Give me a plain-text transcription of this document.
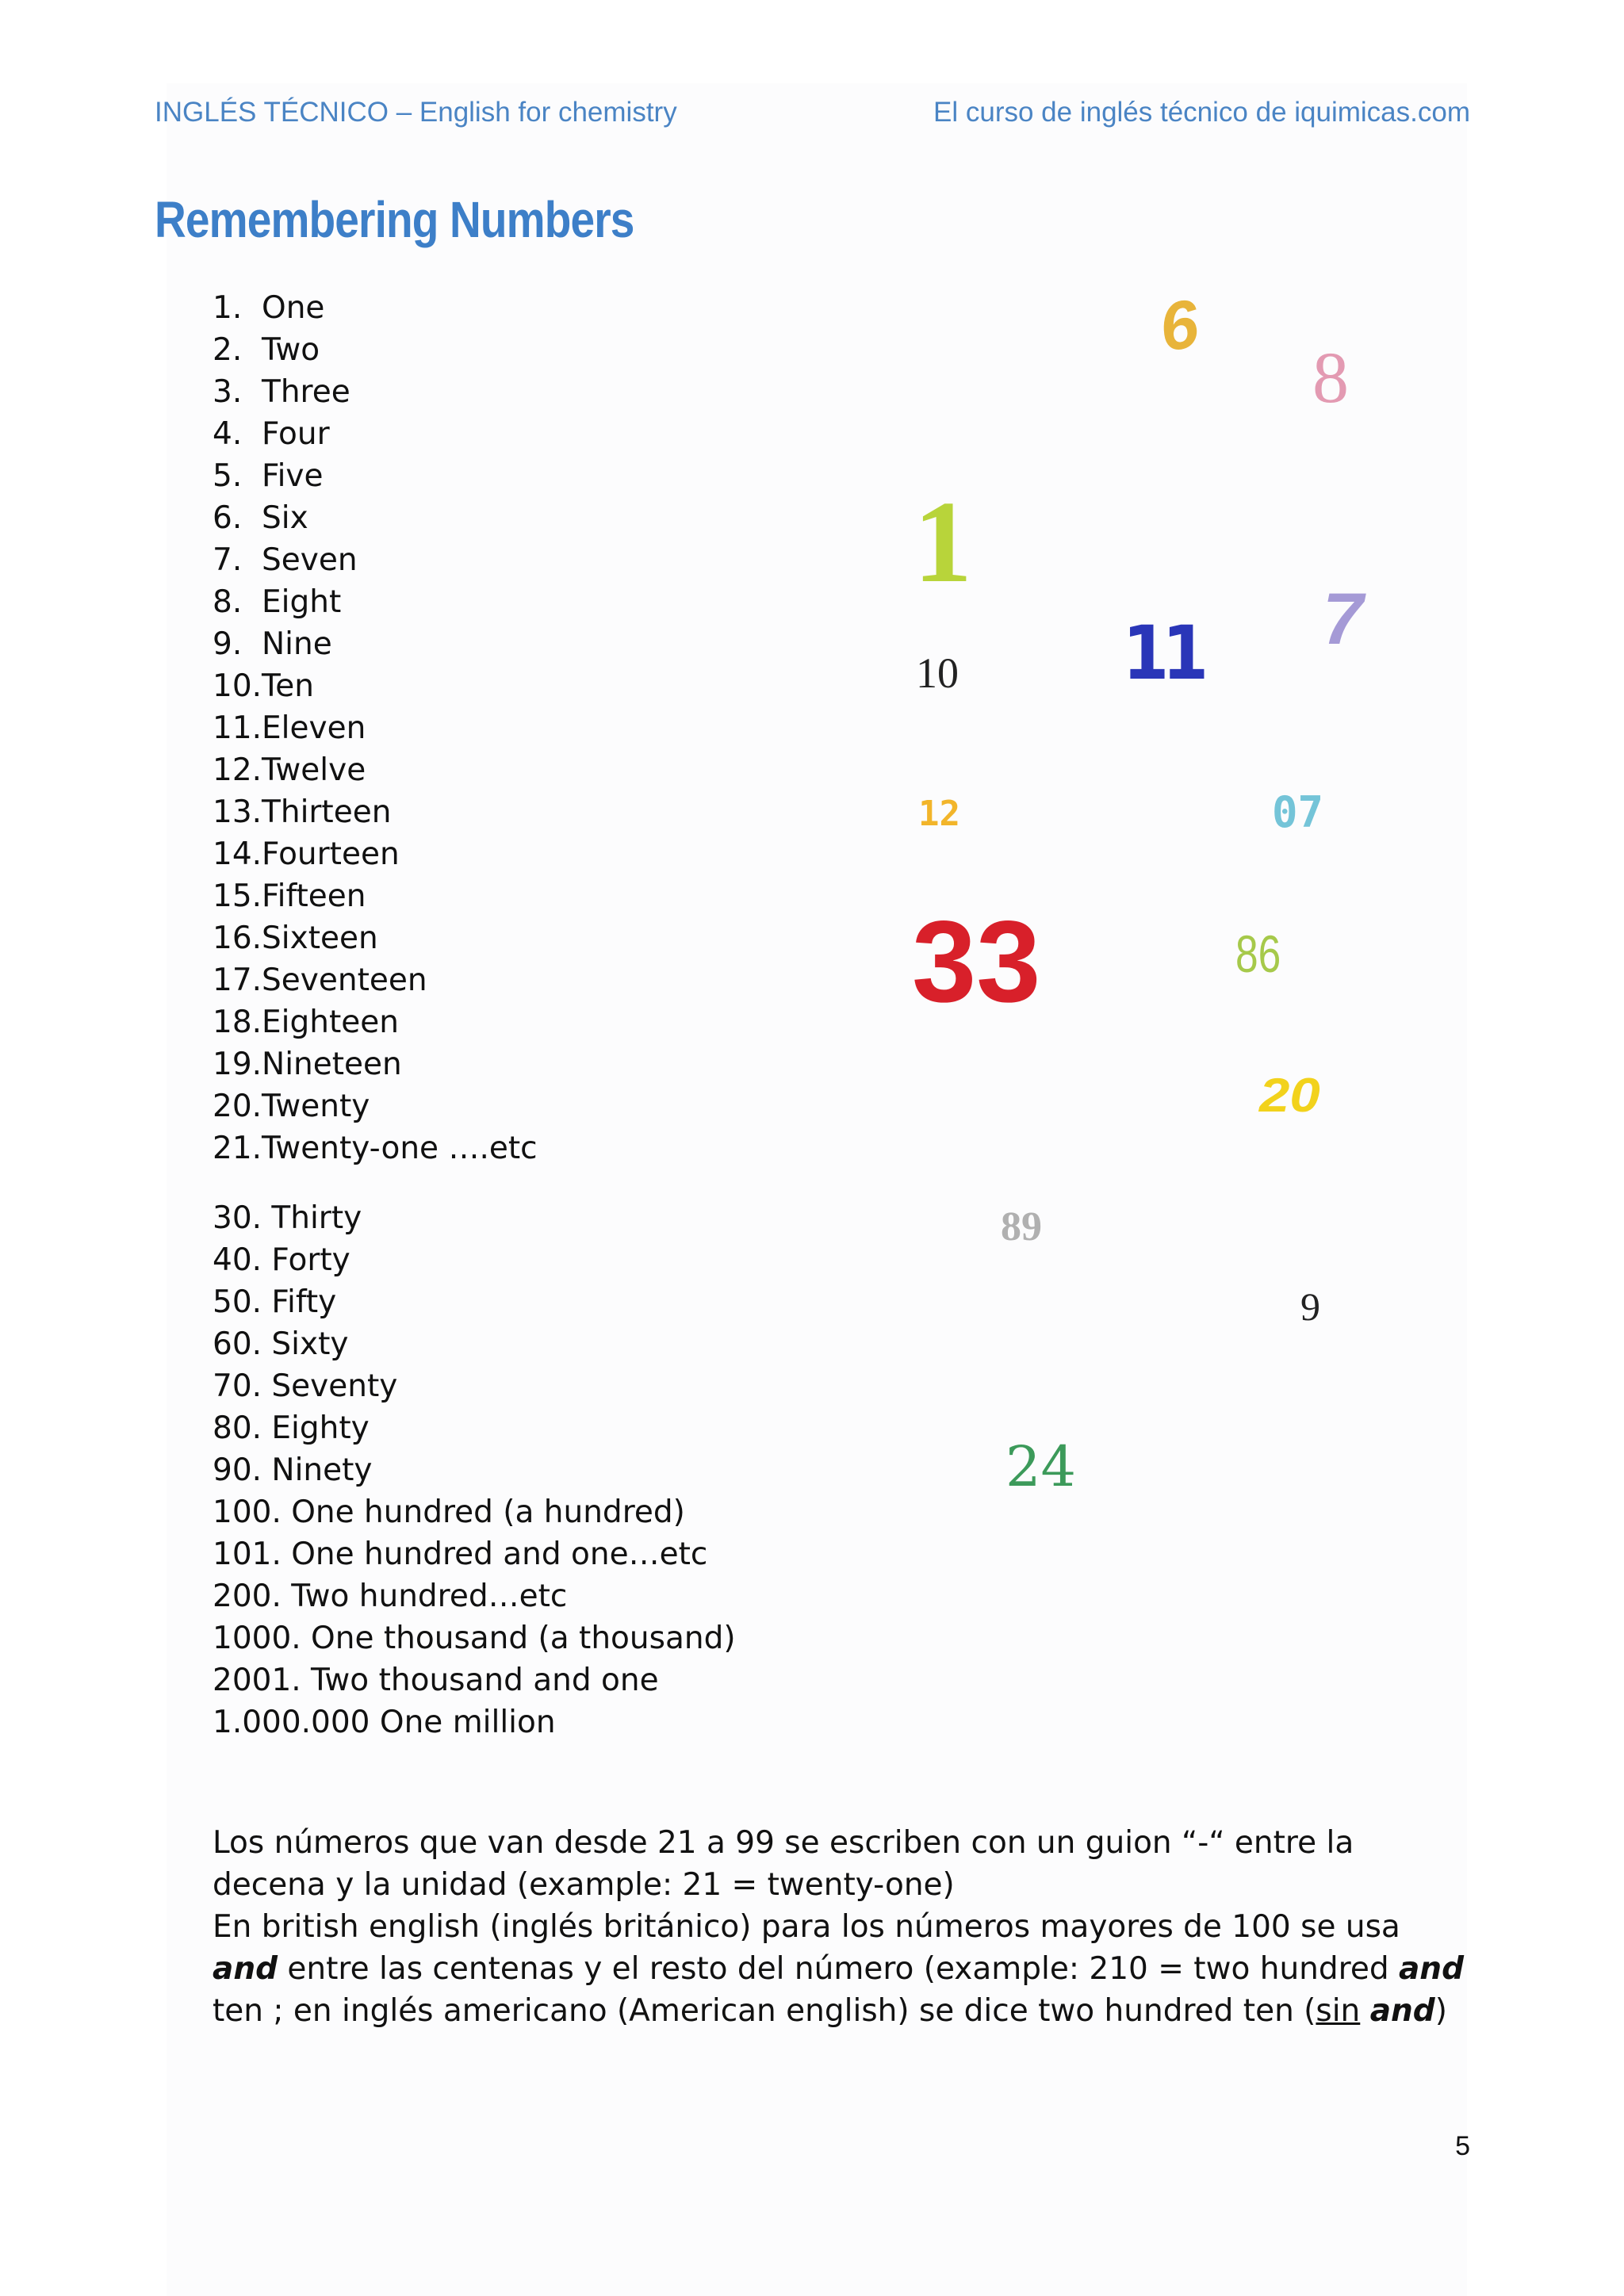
INGLÉS TÉCNICO – English for chemistry	El curso de inglés técnico de iquimicas.com
Remembering Numbers
1.  One
2.  Two
3.  Three
4.  Four
5.  Five
6.  Six
7.  Seven
8.  Eight
9.  Nine
10.Ten
11.Eleven
12.Twelve
13.Thirteen
14.Fourteen
15.Fifteen
16.Sixteen
17.Seventeen
18.Eighteen
19.Nineteen
20.Twenty
21.Twenty-one ….etc
30. Thirty
40. Forty
50. Fifty
60. Sixty
70. Seventy
80. Eighty
90. Ninety
100. One hundred (a hundred)
101. One hundred and one…etc
200. Two hundred…etc
1000. One thousand (a thousand)
2001. Two thousand and one
1.000.000 One million
6
8
1
7
10 11
12	07
33	86
20
89
9
24

Los números que van desde 21 a 99 se escriben con un guion “-“ entre la decena y la unidad (example: 21 = twenty-one)

En british english (inglés británico) para los números mayores de 100 se usa and entre las centenas y el resto del número (example: 210 = two hundred and ten ; en inglés americano (American english) se dice two hundred ten (sin and)

5
